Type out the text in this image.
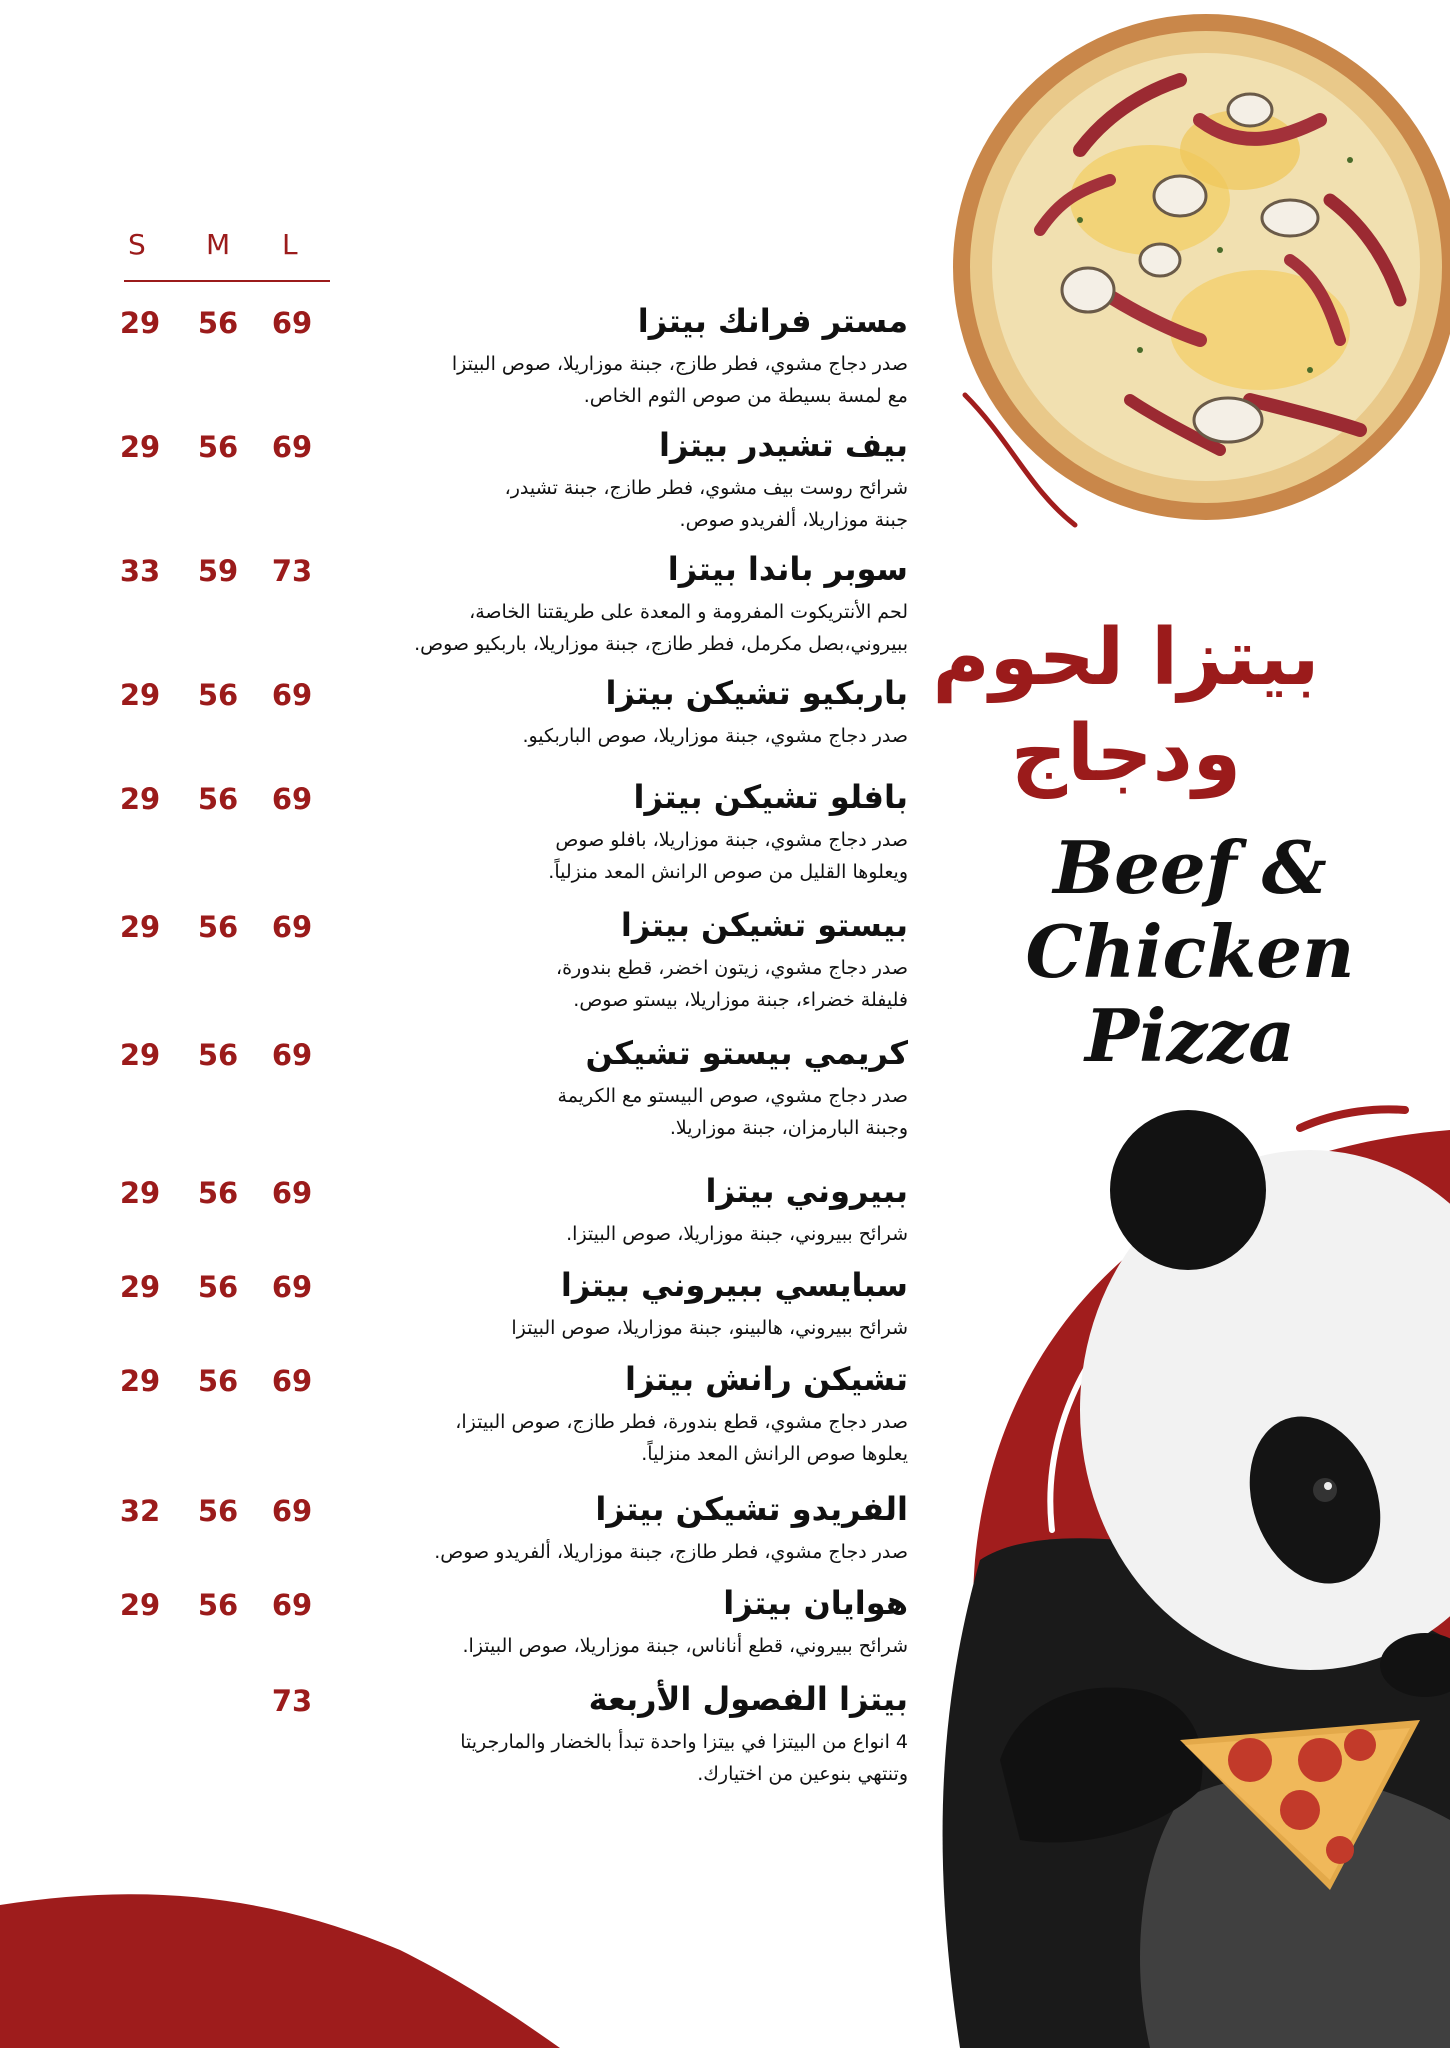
S M L
مستر فرانك بيتزا
صدر دجاج مشوي، فطر طازج، جبنة موزاريلا، صوص البيتزا
مع لمسة بسيطة من صوص الثوم الخاص.
69
56
29
بيف تشيدر بيتزا
شرائح روست بيف مشوي، فطر طازج، جبنة تشيدر،
جبنة موزاريلا، ألفريدو صوص.
69
56
29
سوبر باندا بيتزا
لحم الأنتريكوت المفرومة و المعدة على طريقتنا الخاصة،
ببيروني،بصل مكرمل، فطر طازج، جبنة موزاريلا، باربكيو صوص.
73
59
33
باربكيو تشيكن بيتزا
صدر دجاج مشوي، جبنة موزاريلا، صوص الباربكيو.
69
56
29
بافلو تشيكن بيتزا
صدر دجاج مشوي، جبنة موزاريلا، بافلو صوص
ويعلوها القليل من صوص الرانش المعد منزلياً.
69
56
29
بيستو تشيكن بيتزا
صدر دجاج مشوي، زيتون اخضر، قطع بندورة،
فليفلة خضراء، جبنة موزاريلا، بيستو صوص.
69
56
29
كريمي بيستو تشيكن
صدر دجاج مشوي، صوص البيستو مع الكريمة
وجبنة البارمزان، جبنة موزاريلا.
69
56
29
ببيروني بيتزا
شرائح ببيروني، جبنة موزاريلا، صوص البيتزا.
69
56
29
سبايسي ببيروني بيتزا
شرائح ببيروني، هالبينو، جبنة موزاريلا، صوص البيتزا
69
56
29
تشيكن رانش بيتزا
صدر دجاج مشوي، قطع بندورة، فطر طازج، صوص البيتزا،
يعلوها صوص الرانش المعد منزلياً.
69
56
29
الفريدو تشيكن بيتزا
صدر دجاج مشوي، فطر طازج، جبنة موزاريلا، ألفريدو صوص.
69
56
32
هوايان بيتزا
شرائح ببيروني، قطع أناناس، جبنة موزاريلا، صوص البيتزا.
69
56
29
بيتزا الفصول الأربعة
4 انواع من البيتزا في بيتزا واحدة تبدأ بالخضار والمارجريتا
وتنتهي بنوعين من اختيارك.
73
بيتزا لحوم
ودجاج
Beef &
Chicken
Pizza
